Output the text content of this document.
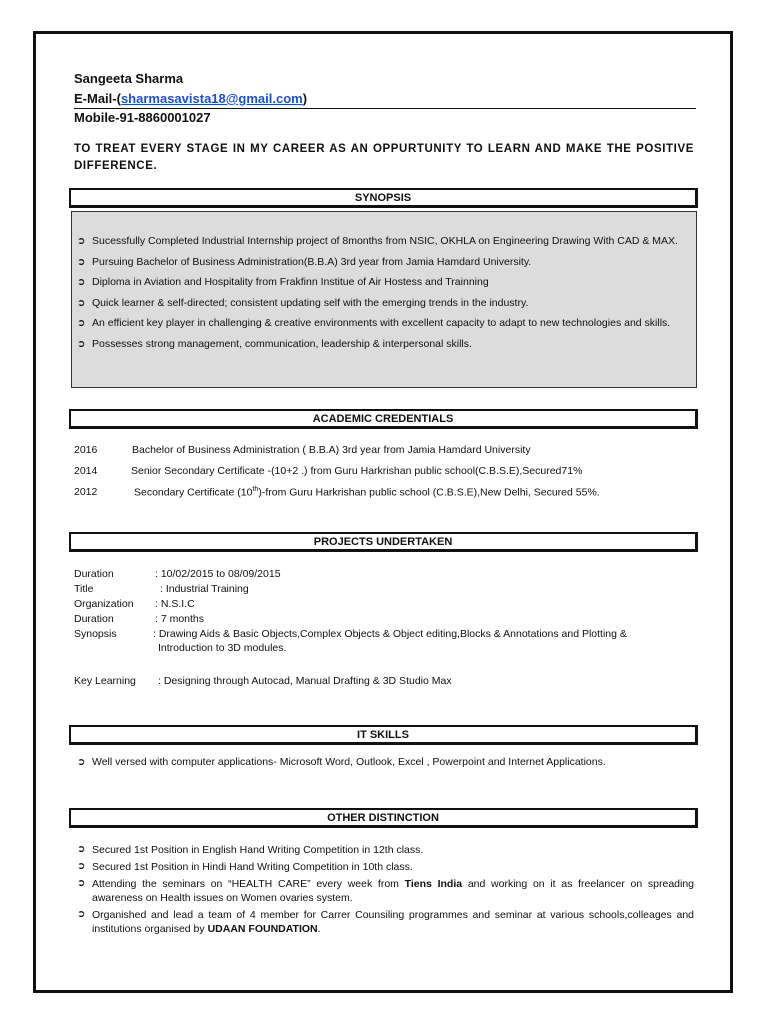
Sangeeta Sharma
E-Mail-(sharmasavista18@gmail.com)
Mobile-91-8860001027
TO TREAT EVERY STAGE IN MY CAREER AS AN OPPURTUNITY TO LEARN AND MAKE THE POSITIVE DIFFERENCE.
SYNOPSIS
➲ Sucessfully Completed Industrial Internship project of 8months from NSIC, OKHLA on Engineering Drawing With CAD & MAX.
➲ Pursuing Bachelor of Business Administration(B.B.A) 3rd year from Jamia Hamdard University.
➲ Diploma in Aviation and Hospitality from Frakfinn Institue of Air Hostess and Trainning
➲ Quick learner & self-directed; consistent updating self with the emerging trends in the industry.
➲ An efficient key player in challenging & creative environments with excellent capacity to adapt to new technologies and skills.
➲ Possesses strong management, communication, leadership & interpersonal skills.
ACADEMIC CREDENTIALS
2016	Bachelor of Business Administration ( B.B.A) 3rd year from Jamia Hamdard University
2014	Senior Secondary Certificate -(10+2 .) from Guru Harkrishan public school(C.B.S.E),Secured71%
2012	Secondary Certificate (10th)-from Guru Harkrishan public school (C.B.S.E),New Delhi, Secured 55%.
PROJECTS UNDERTAKEN
Duration	: 10/02/2015 to 08/09/2015
Title	: Industrial Training
Organization : N.S.I.C
Duration	: 7 months
Synopsis	: Drawing Aids & Basic Objects,Complex Objects & Object editing,Blocks & Annotations and Plotting &
Introduction to 3D modules.
Key Learning : Designing through Autocad, Manual Drafting & 3D Studio Max
IT SKILLS
➲ Well versed with computer applications- Microsoft Word, Outlook, Excel , Powerpoint and Internet Applications.
OTHER DISTINCTION
➲ Secured 1st Position in English Hand Writing Competition in 12th class.
➲ Secured 1st Position in Hindi Hand Writing Competition in 10th class.
➲ Attending the seminars on “HEALTH CARE” every week from Tiens India and working on it as freelancer on spreading awareness on Health issues on Women ovaries system.
➲ Organished and lead a team of 4 member for Carrer Counsiling programmes and seminar at various schools,colleages and institutions organised by UDAAN FOUNDATION.
